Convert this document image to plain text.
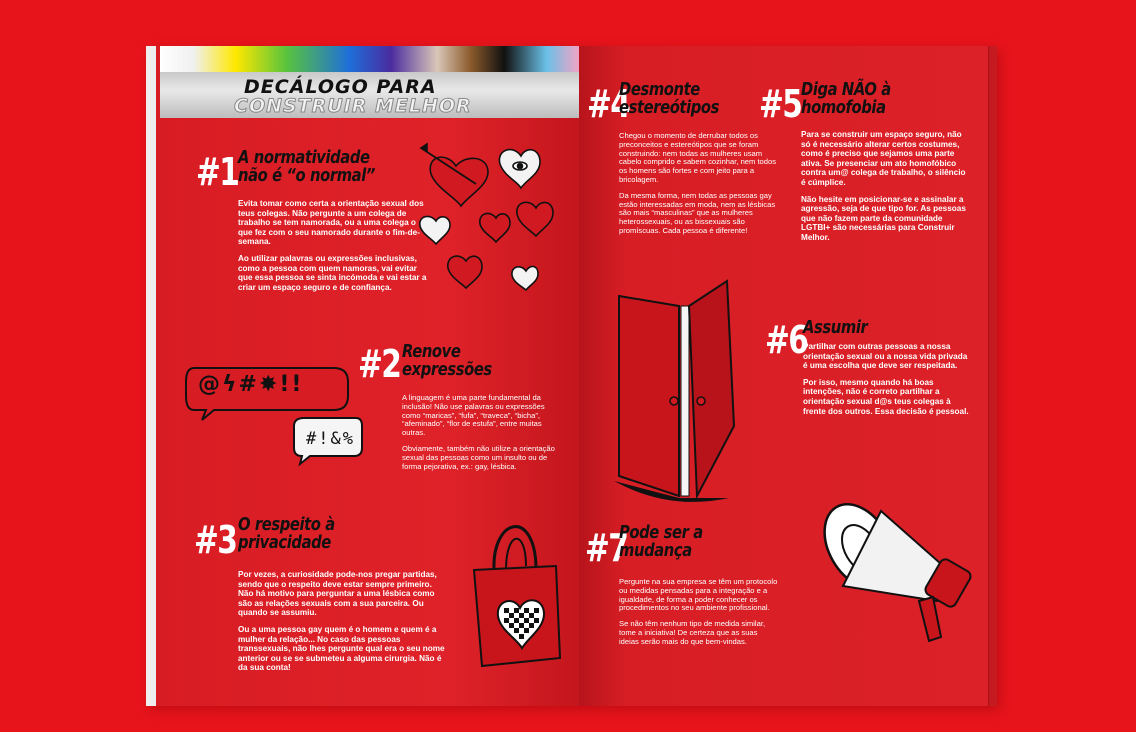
DECÁLOGO PARA
CONSTRUIR MELHOR
#1 A normatividade
não é “o normal”

Evita tomar como certa a orientação sexual dos teus colegas. Não pergunte a um colega de trabalho se tem namorada, ou a uma colega o que fez com o seu namorado durante o fim-de-semana.

Ao utilizar palavras ou expressões inclusivas, como a pessoa com quem namoras, vai evitar que essa pessoa se sinta incómoda e vai estar a criar um espaço seguro e de confiança.

#2 Renove
expressões

A linguagem é uma parte fundamental da inclusão! Não use palavras ou expressões como “maricas”, “fufa”, “traveca”, “bicha”, “afeminado”, “flor de estufa”, entre muitas outras.

Obviamente, também não utilize a orientação sexual das pessoas como um insulto ou de forma pejorativa, ex.: gay, lésbica.

@ϟ#✸!!
#!&%
#3 O respeito à
privacidade

Por vezes, a curiosidade pode-nos pregar partidas, sendo que o respeito deve estar sempre primeiro. Não há motivo para perguntar a uma lésbica como são as relações sexuais com a sua parceira. Ou quando se assumiu.

Ou a uma pessoa gay quem é o homem e quem é a mulher da relação... No caso das pessoas transsexuais, não lhes pergunte qual era o seu nome anterior ou se se submeteu a alguma cirurgia. Não é da sua conta!

#4
Desmonte
estereótipos

Chegou o momento de derrubar todos os preconceitos e estereótipos que se foram construindo: nem todas as mulheres usam cabelo comprido e sabem cozinhar, nem todos os homens são fortes e com jeito para a bricolagem.

Da mesma forma, nem todas as pessoas gay estão interessadas em moda, nem as lésbicas são mais “masculinas” que as mulheres heterossexuais, ou as bissexuais são promíscuas. Cada pessoa é diferente!

#5 Diga NÃO à
homofobia

Para se construir um espaço seguro, não só é necessário alterar certos costumes, como é preciso que sejamos uma parte ativa. Se presenciar um ato homofóbico contra um@ colega de trabalho, o silêncio é cúmplice.

Não hesite em posicionar-se e assinalar a agressão, seja de que tipo for. As pessoas que não fazem parte da comunidade LGTBI+ são necessárias para Construir Melhor.

#6
Assumir

Partilhar com outras pessoas a nossa orientação sexual ou a nossa vida privada é uma escolha que deve ser respeitada.

Por isso, mesmo quando há boas intenções, não é correto partilhar a orientação sexual d@s teus colegas à frente dos outros. Essa decisão é pessoal.

#7
Pode ser a
mudança

Pergunte na sua empresa se têm um protocolo ou medidas pensadas para a integração e a igualdade, de forma a poder conhecer os procedimentos no seu ambiente profissional.

Se não têm nenhum tipo de medida similar, tome a iniciativa! De certeza que as suas ideias serão mais do que bem-vindas.
